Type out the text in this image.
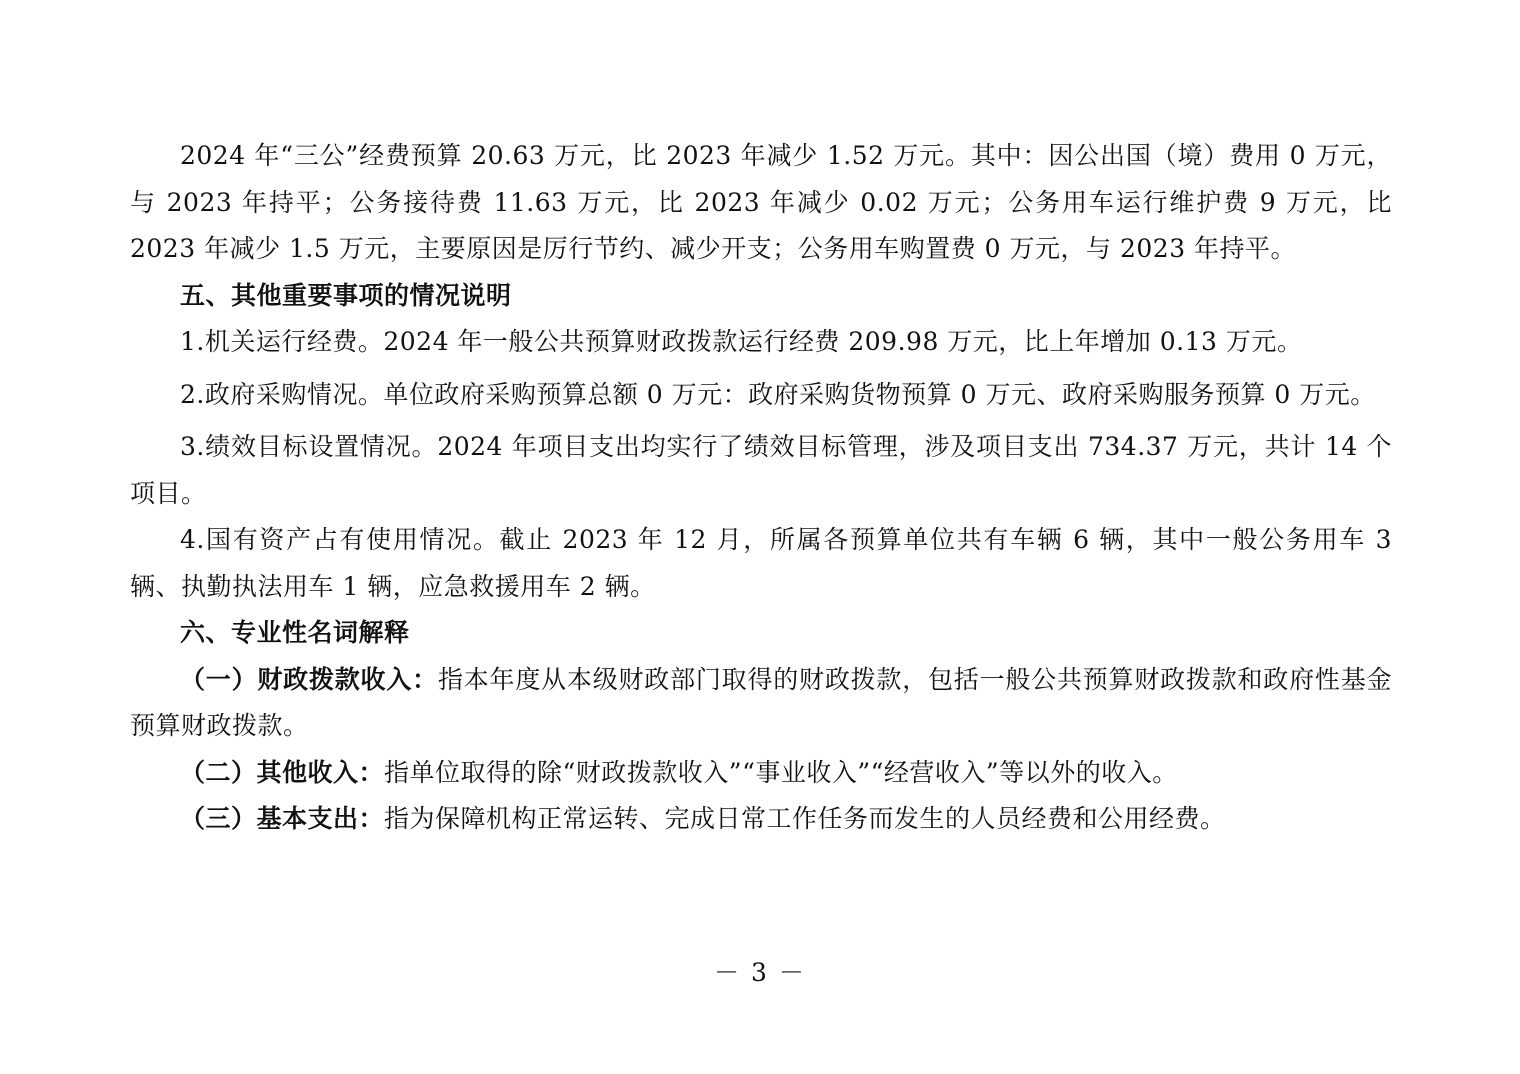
2024 年“三公”经费预算 20.63 万元，比 2023 年减少 1.52 万元。其中：因公出国（境）费用 0 万元，与 2023 年持平；公务接待费 11.63 万元，比 2023 年减少 0.02 万元；公务用车运行维护费 9 万元，比 2023 年减少 1.5 万元，主要原因是厉行节约、减少开支；公务用车购置费 0 万元，与 2023 年持平。

五、其他重要事项的情况说明

1.机关运行经费。2024 年一般公共预算财政拨款运行经费 209.98 万元，比上年增加 0.13 万元。

2.政府采购情况。单位政府采购预算总额 0 万元：政府采购货物预算 0 万元、政府采购服务预算 0 万元。

3.绩效目标设置情况。2024 年项目支出均实行了绩效目标管理，涉及项目支出 734.37 万元，共计 14 个项目。

4.国有资产占有使用情况。截止 2023 年 12 月，所属各预算单位共有车辆 6 辆，其中一般公务用车 3 辆、执勤执法用车 1 辆，应急救援用车 2 辆。

六、专业性名词解释

（一）财政拨款收入：指本年度从本级财政部门取得的财政拨款，包括一般公共预算财政拨款和政府性基金预算财政拨款。

（二）其他收入：指单位取得的除“财政拨款收入”“事业收入”“经营收入”等以外的收入。

（三）基本支出：指为保障机构正常运转、完成日常工作任务而发生的人员经费和公用经费。

－ 3 －
